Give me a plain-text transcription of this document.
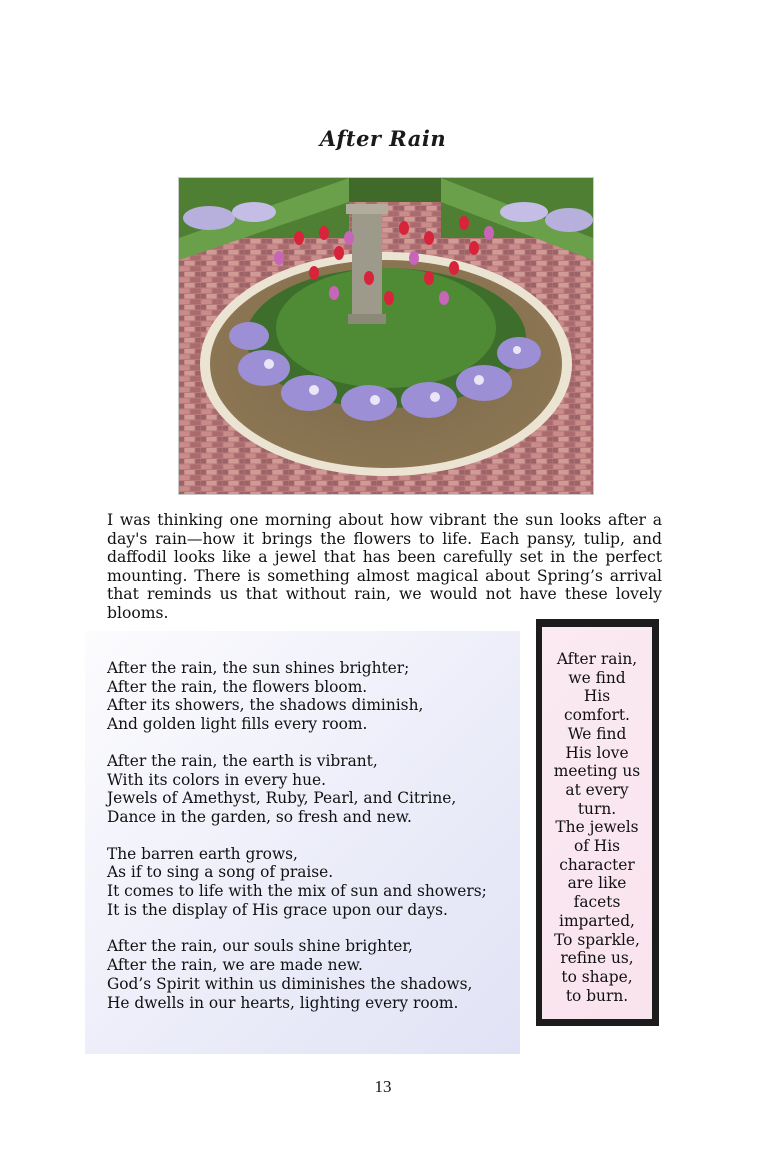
After Rain
I was thinking one morning about how vibrant the sun looks after a day's rain—how it brings the flowers to life. Each pansy, tulip, and daffodil looks like a jewel that has been carefully set in the perfect mounting. There is something almost magical about Spring’s arrival that reminds us that without rain, we would not have these lovely blooms.
After the rain, the sun shines brighter;
After the rain, the flowers bloom.
After its showers, the shadows diminish,
And golden light fills every room.
After the rain, the earth is vibrant,
With its colors in every hue.
Jewels of Amethyst, Ruby, Pearl, and Citrine,
Dance in the garden, so fresh and new.
The barren earth grows,
As if to sing a song of praise.
It comes to life with the mix of sun and showers;
It is the display of His grace upon our days.
After the rain, our souls shine brighter,
After the rain, we are made new.
God’s Spirit within us diminishes the shadows,
He dwells in our hearts, lighting every room.
After rain,
we find
His
comfort.
We find
His love
meeting us
at every
turn.
The jewels
of His
character
are like
facets
imparted,
To sparkle,
refine us,
to shape,
to burn.
13
